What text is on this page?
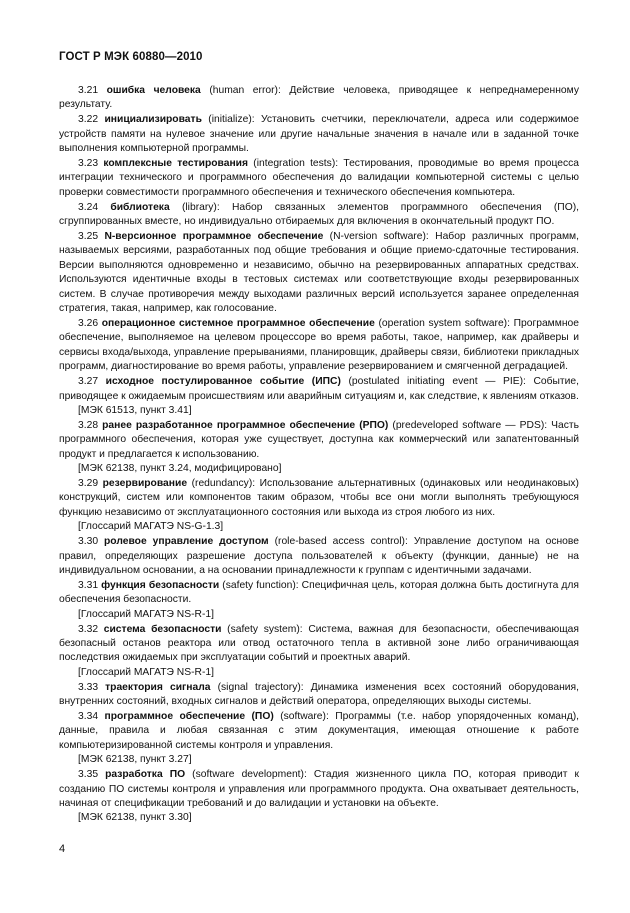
ГОСТ Р МЭК 60880—2010

3.21 ошибка человека (human error): Действие человека, приводящее к непреднамеренному результату.

3.22 инициализировать (initialize): Установить счетчики, переключатели, адреса или содержимое устройств памяти на нулевое значение или другие начальные значения в начале или в заданной точке выполнения компьютерной программы.

3.23 комплексные тестирования (integration tests): Тестирования, проводимые во время процесса интеграции технического и программного обеспечения до валидации компьютерной системы с целью проверки совместимости программного обеспечения и технического обеспечения компьютера.

3.24 библиотека (library): Набор связанных элементов программного обеспечения (ПО), сгруппированных вместе, но индивидуально отбираемых для включения в окончательный продукт ПО.

3.25 N-версионное программное обеспечение (N-version software): Набор различных программ, называемых версиями, разработанных под общие требования и общие приемо-сдаточные тестирования. Версии выполняются одновременно и независимо, обычно на резервированных аппаратных средствах. Используются идентичные входы в тестовых системах или соответствующие входы резервированных систем. В случае противоречия между выходами различных версий используется заранее определенная стратегия, такая, например, как голосование.

3.26 операционное системное программное обеспечение (operation system software): Программное обеспечение, выполняемое на целевом процессоре во время работы, такое, например, как драйверы и сервисы входа/выхода, управление прерываниями, планировщик, драйверы связи, библиотеки прикладных программ, диагностирование во время работы, управление резервированием и смягченной деградацией.

3.27 исходное постулированное событие (ИПС) (postulated initiating event — PIE): Событие, приводящее к ожидаемым происшествиям или аварийным ситуациям и, как следствие, к явлениям отказов.

[МЭК 61513, пункт 3.41]

3.28 ранее разработанное программное обеспечение (РПО) (predeveloped software — PDS): Часть программного обеспечения, которая уже существует, доступна как коммерческий или запатентованный продукт и предлагается к использованию.

[МЭК 62138, пункт 3.24, модифицировано]

3.29 резервирование (redundancy): Использование альтернативных (одинаковых или неодинаковых) конструкций, систем или компонентов таким образом, чтобы все они могли выполнять требующуюся функцию независимо от эксплуатационного состояния или выхода из строя любого из них.

[Глоссарий МАГАТЭ NS-G-1.3]

3.30 ролевое управление доступом (role-based access control): Управление доступом на основе правил, определяющих разрешение доступа пользователей к объекту (функции, данные) не на индивидуальном основании, а на основании принадлежности к группам с идентичными задачами.

3.31 функция безопасности (safety function): Специфичная цель, которая должна быть достигнута для обеспечения безопасности.

[Глоссарий МАГАТЭ NS-R-1]

3.32 система безопасности (safety system): Система, важная для безопасности, обеспечивающая безопасный останов реактора или отвод остаточного тепла в активной зоне либо ограничивающая последствия ожидаемых при эксплуатации событий и проектных аварий.

[Глоссарий МАГАТЭ NS-R-1]

3.33 траектория сигнала (signal trajectory): Динамика изменения всех состояний оборудования, внутренних состояний, входных сигналов и действий оператора, определяющих выходы системы.

3.34 программное обеспечение (ПО) (software): Программы (т.е. набор упорядоченных команд), данные, правила и любая связанная с этим документация, имеющая отношение к работе компьютеризированной системы контроля и управления.

[МЭК 62138, пункт 3.27]

3.35 разработка ПО (software development): Стадия жизненного цикла ПО, которая приводит к созданию ПО системы контроля и управления или программного продукта. Она охватывает деятельность, начиная от спецификации требований и до валидации и установки на объекте.

[МЭК 62138, пункт 3.30]

4
